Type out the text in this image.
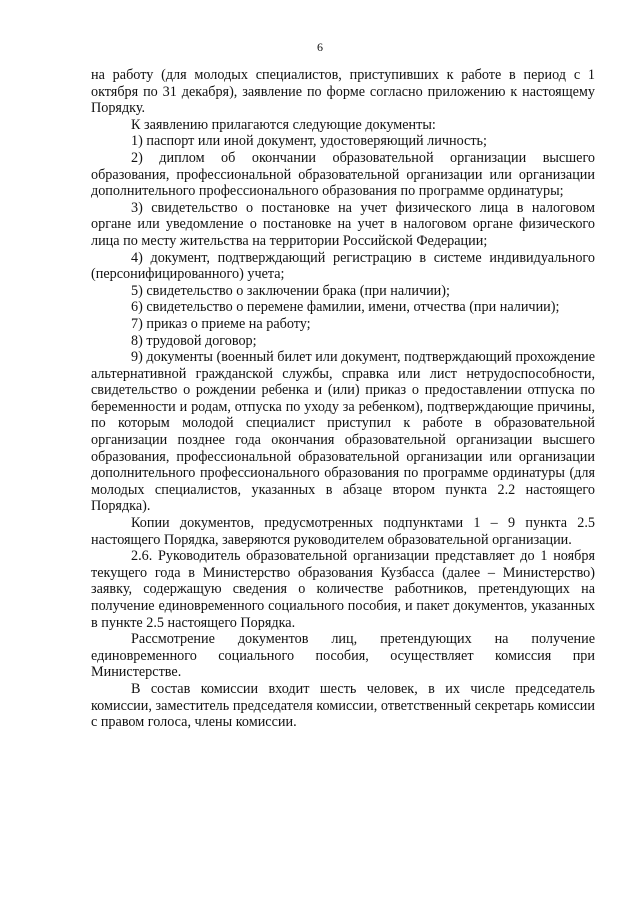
6

на работу (для молодых специалистов, приступивших к работе в период с 1 октября по 31 декабря), заявление по форме согласно приложению к настоящему Порядку.

К заявлению прилагаются следующие документы:

1) паспорт или иной документ, удостоверяющий личность;

2) диплом об окончании образовательной организации высшего образования, профессиональной образовательной организации или организации дополнительного профессионального образования по программе ординатуры;

3) свидетельство о постановке на учет физического лица в налоговом органе или уведомление о постановке на учет в налоговом органе физического лица по месту жительства на территории Российской Федерации;

4) документ, подтверждающий регистрацию в системе индивидуального (персонифицированного) учета;

5) свидетельство о заключении брака (при наличии);

6) свидетельство о перемене фамилии, имени, отчества (при наличии);

7) приказ о приеме на работу;

8) трудовой договор;

9) документы (военный билет или документ, подтверждающий прохождение альтернативной гражданской службы, справка или лист нетрудоспособности, свидетельство о рождении ребенка и (или) приказ о предоставлении отпуска по беременности и родам, отпуска по уходу за ребенком), подтверждающие причины, по которым молодой специалист приступил к работе в образовательной организации позднее года окончания образовательной организации высшего образования, профессиональной образовательной организации или организации дополнительного профессионального образования по программе ординатуры (для молодых специалистов, указанных в абзаце втором пункта 2.2 настоящего Порядка).

Копии документов, предусмотренных подпунктами 1 – 9 пункта 2.5 настоящего Порядка, заверяются руководителем образовательной организации.

2.6. Руководитель образовательной организации представляет до 1 ноября текущего года в Министерство образования Кузбасса (далее – Министерство) заявку, содержащую сведения о количестве работников, претендующих на получение единовременного социального пособия, и пакет документов, указанных в пункте 2.5 настоящего Порядка.

Рассмотрение документов лиц, претендующих на получение единовременного социального пособия, осуществляет комиссия при Министерстве.

В состав комиссии входит шесть человек, в их числе председатель комиссии, заместитель председателя комиссии, ответственный секретарь комиссии с правом голоса, члены комиссии.
